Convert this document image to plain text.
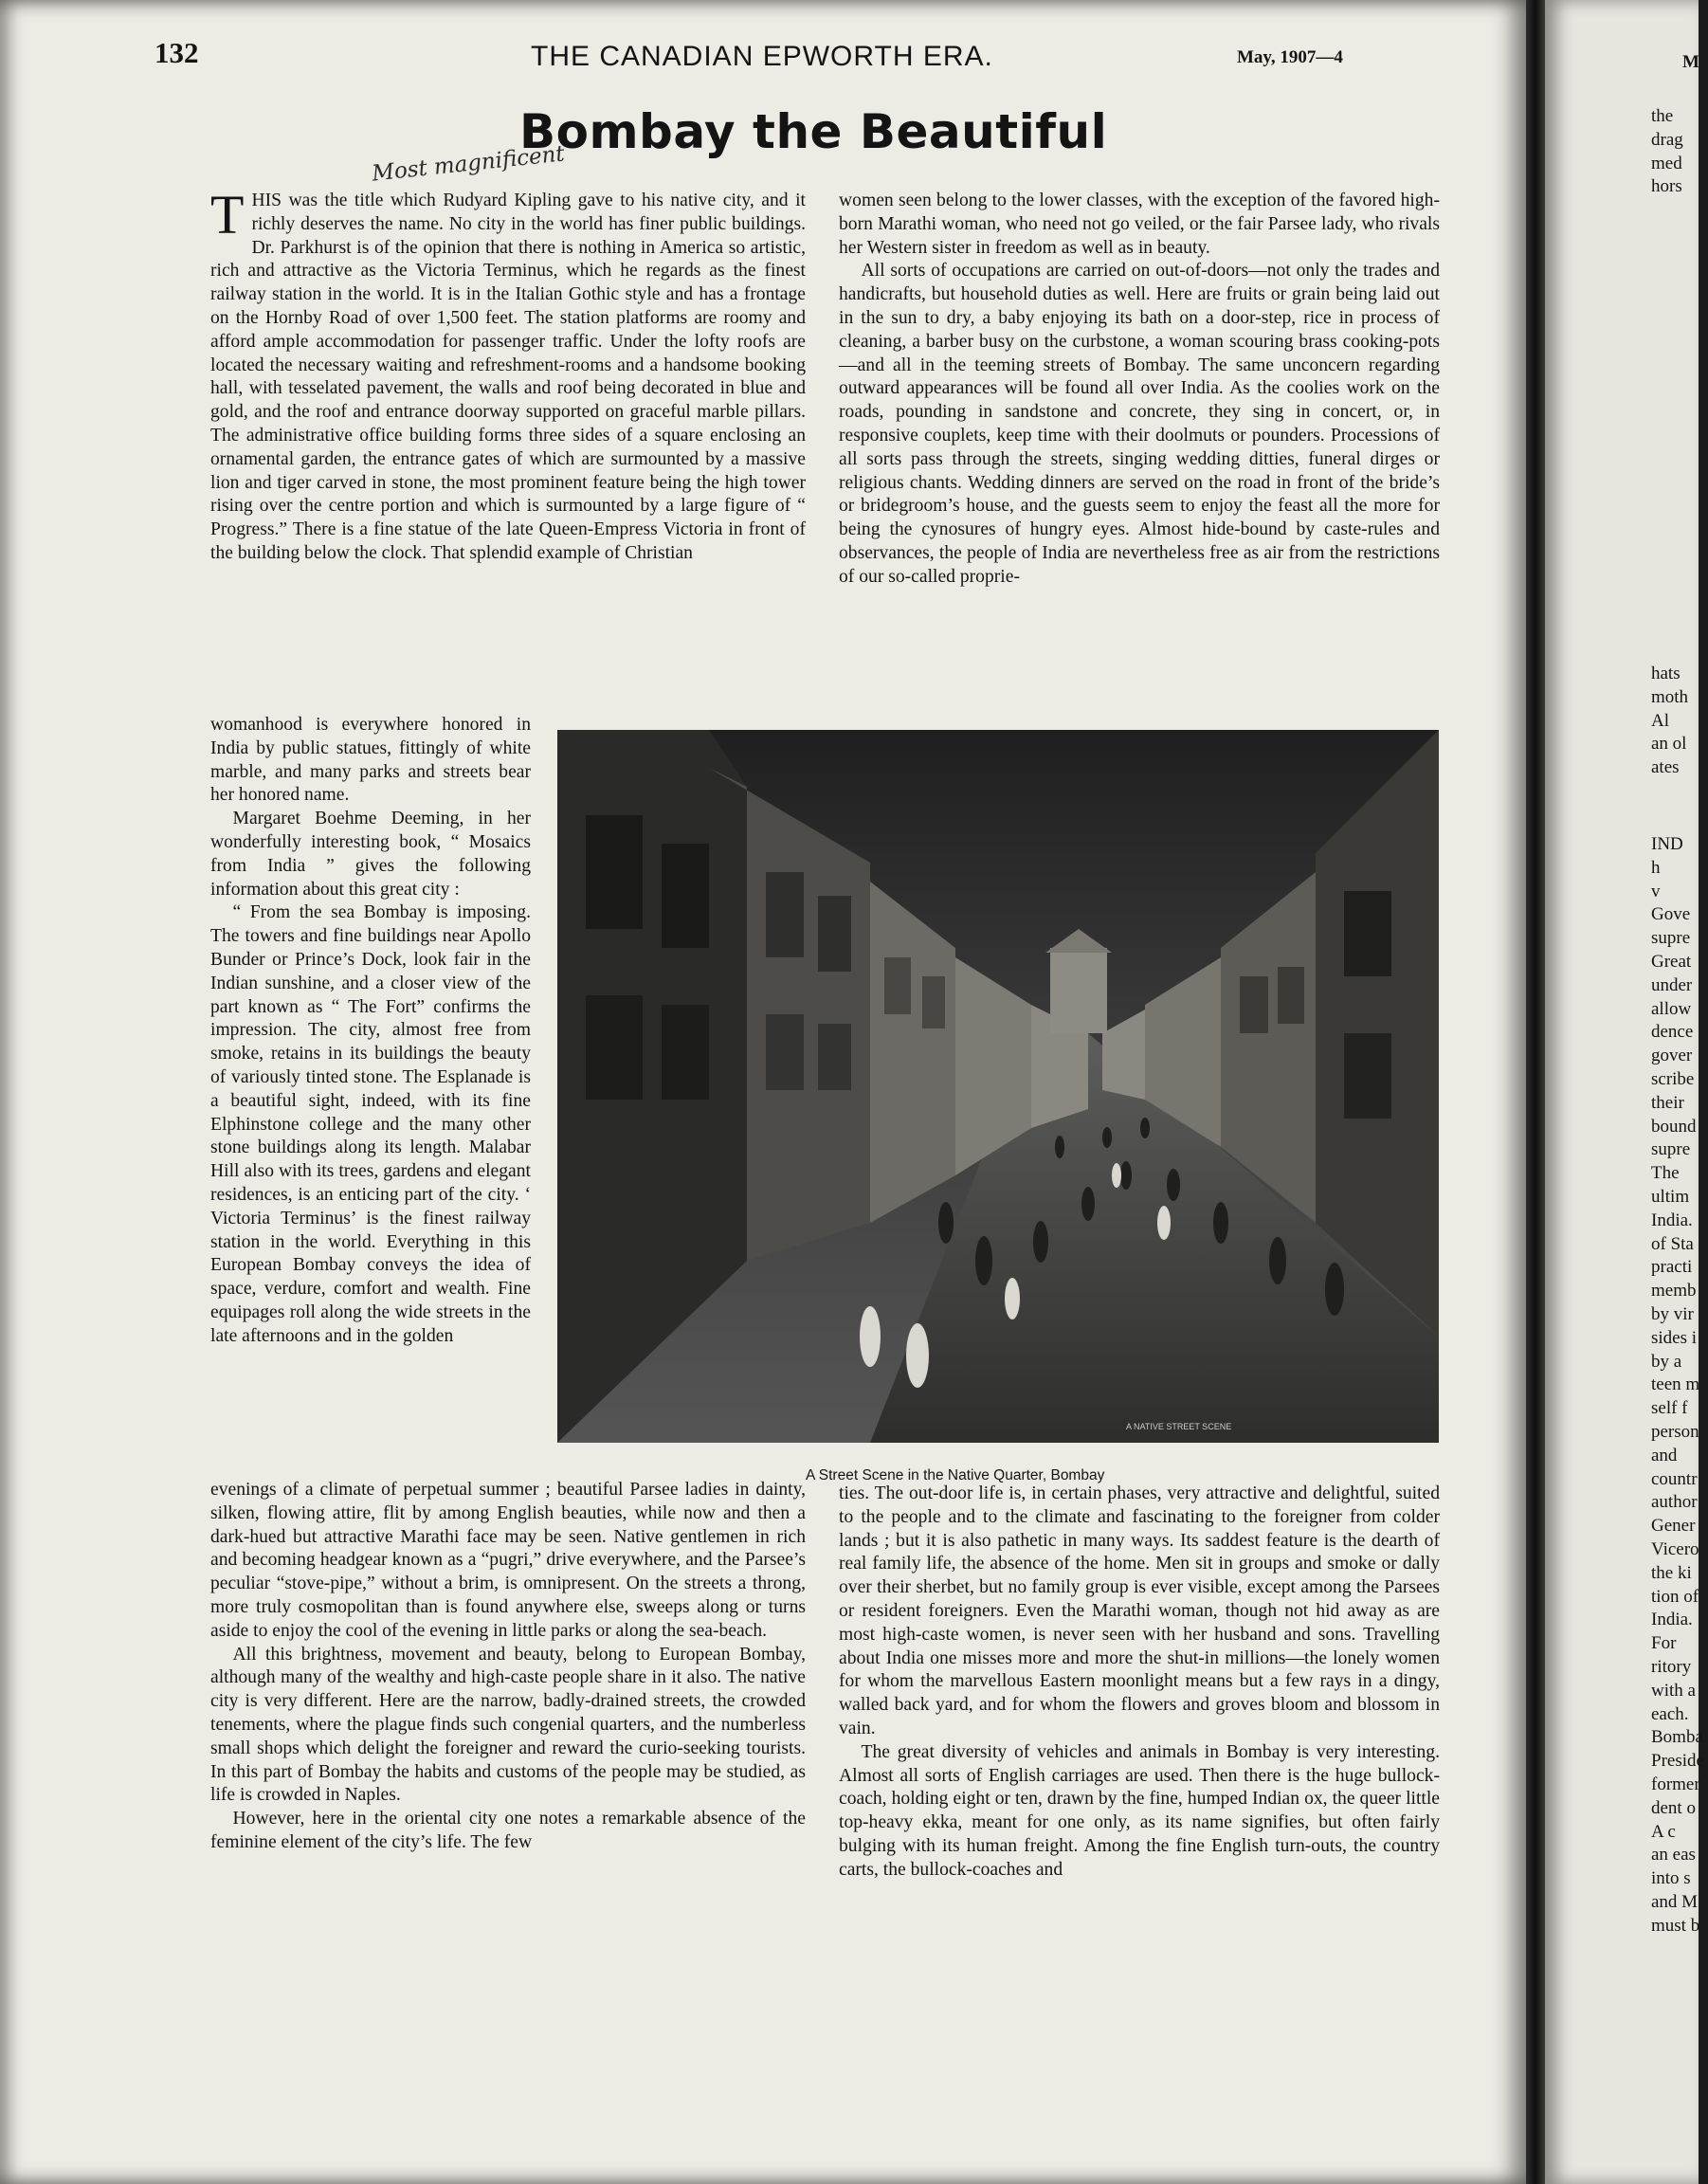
132	THE CANADIAN EPWORTH ERA.	May, 1907—4
Bombay the Beautiful
Most magnificent

THIS was the title which Rudyard Kipling gave to his native city, and it richly deserves the name. No city in the world has finer public buildings. Dr. Parkhurst is of the opinion that there is nothing in America so artistic, rich and attractive as the Victoria Terminus, which he regards as the finest railway station in the world. It is in the Italian Gothic style and has a frontage on the Hornby Road of over 1,500 feet. The station platforms are roomy and afford ample accommodation for passenger traffic. Under the lofty roofs are located the necessary waiting and refreshment-rooms and a handsome booking hall, with tesselated pavement, the walls and roof being decorated in blue and gold, and the roof and entrance doorway supported on graceful marble pillars. The administrative office building forms three sides of a square enclosing an ornamental garden, the entrance gates of which are surmounted by a massive lion and tiger carved in stone, the most prominent feature being the high tower rising over the centre portion and which is surmounted by a large figure of “ Progress.” There is a fine statue of the late Queen-Empress Victoria in front of the building below the clock. That splendid example of Christian

womanhood is everywhere honored in India by public statues, fittingly of white marble, and many parks and streets bear her honored name.

Margaret Boehme Deeming, in her wonderfully interesting book, “ Mosaics from India ” gives the following information about this great city :

“ From the sea Bombay is imposing. The towers and fine buildings near Apollo Bunder or Prince’s Dock, look fair in the Indian sunshine, and a closer view of the part known as “ The Fort” confirms the impression. The city, almost free from smoke, retains in its buildings the beauty of variously tinted stone. The Esplanade is a beautiful sight, indeed, with its fine Elphinstone college and the many other stone buildings along its length. Malabar Hill also with its trees, gardens and elegant residences, is an enticing part of the city. ‘ Victoria Terminus’ is the finest railway station in the world. Everything in this European Bombay conveys the idea of space, verdure, comfort and wealth. Fine equipages roll along the wide streets in the late afternoons and in the golden

A NATIVE STREET SCENE
A Street Scene in the Native Quarter, Bombay

evenings of a climate of perpetual summer ; beautiful Parsee ladies in dainty, silken, flowing attire, flit by among English beauties, while now and then a dark-hued but attractive Marathi face may be seen. Native gentlemen in rich and becoming headgear known as a “pugri,” drive everywhere, and the Parsee’s peculiar “stove-pipe,” without a brim, is omnipresent. On the streets a throng, more truly cosmopolitan than is found anywhere else, sweeps along or turns aside to enjoy the cool of the evening in little parks or along the sea-beach.

All this brightness, movement and beauty, belong to European Bombay, although many of the wealthy and high-caste people share in it also. The native city is very different. Here are the narrow, badly-drained streets, the crowded tenements, where the plague finds such congenial quarters, and the numberless small shops which delight the foreigner and reward the curio-seeking tourists. In this part of Bombay the habits and customs of the people may be studied, as life is crowded in Naples.

However, here in the oriental city one notes a remarkable absence of the feminine element of the city’s life. The few

women seen belong to the lower classes, with the exception of the favored high-born Marathi woman, who need not go veiled, or the fair Parsee lady, who rivals her Western sister in freedom as well as in beauty.

All sorts of occupations are carried on out-of-doors—not only the trades and handicrafts, but household duties as well. Here are fruits or grain being laid out in the sun to dry, a baby enjoying its bath on a door-step, rice in process of cleaning, a barber busy on the curbstone, a woman scouring brass cooking-pots—and all in the teeming streets of Bombay. The same unconcern regarding outward appearances will be found all over India. As the coolies work on the roads, pounding in sandstone and concrete, they sing in concert, or, in responsive couplets, keep time with their doolmuts or pounders. Processions of all sorts pass through the streets, singing wedding ditties, funeral dirges or religious chants. Wedding dinners are served on the road in front of the bride’s or bridegroom’s house, and the guests seem to enjoy the feast all the more for being the cynosures of hungry eyes. Almost hide-bound by caste-rules and observances, the people of India are nevertheless free as air from the restrictions of our so-called proprie-

ties. The out-door life is, in certain phases, very attractive and delightful, suited to the people and to the climate and fascinating to the foreigner from colder lands ; but it is also pathetic in many ways. Its saddest feature is the dearth of real family life, the absence of the home. Men sit in groups and smoke or dally over their sherbet, but no family group is ever visible, except among the Parsees or resident foreigners. Even the Marathi woman, though not hid away as are most high-caste women, is never seen with her husband and sons. Travelling about India one misses more and more the shut-in millions—the lonely women for whom the marvellous Eastern moonlight means but a few rays in a dingy, walled back yard, and for whom the flowers and groves bloom and blossom in vain.

The great diversity of vehicles and animals in Bombay is very interesting. Almost all sorts of English carriages are used. Then there is the huge bullock-coach, holding eight or ten, drawn by the fine, humped Indian ox, the queer little top-heavy ekka, meant for one only, as its name signifies, but often fairly bulging with its human freight. Among the fine English turn-outs, the country carts, the bullock-coaches and

M
the
drag
med
hors
hats
moth
Al
an ol
ates
IND
h
v
Gove
supre
Great
under
allow
dence
gover
scribe
their
bound
supre
The
ultim
India.
of Sta
practi
memb
by vir
sides i
by a
teen m
self f
person
and
countr
author
Gener
Vicero
the ki
tion of
India.
For
ritory
with a
each.
Bomba
Preside
former
dent o
A c
an eas
into s
and M
must b
